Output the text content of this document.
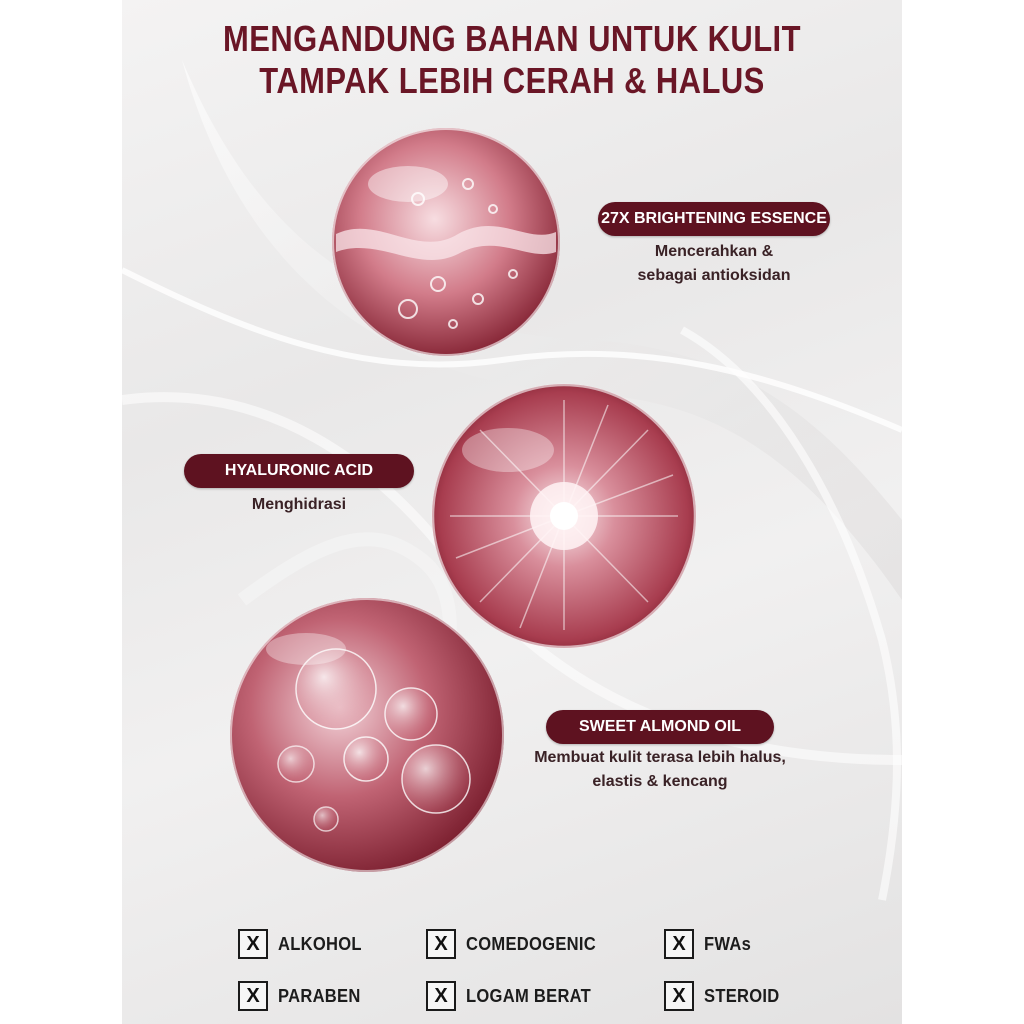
MENGANDUNG BAHAN UNTUK KULIT
TAMPAK LEBIH CERAH & HALUS
27X BRIGHTENING ESSENCE
Mencerahkan &
sebagai antioksidan
HYALURONIC ACID
Menghidrasi
SWEET ALMOND OIL
Membuat kulit terasa lebih halus,
elastis & kencang
X	ALKOHOL	X	COMEDOGENIC	X	FWAs
X	PARABEN	X	LOGAM BERAT	X	STEROID
